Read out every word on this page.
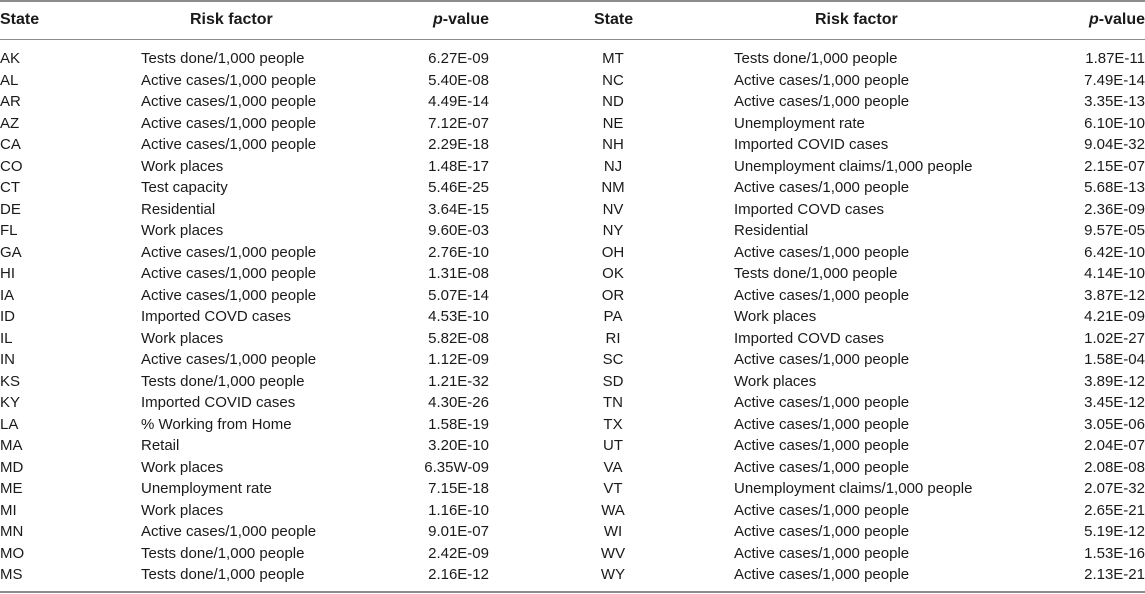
State	Risk factor	p -value	State	Risk factor	p -value
AK	Tests done/1,000 people	6.27E-09	MT	Tests done/1,000 people	1.87E-11
AL	Active cases/1,000 people	5.40E-08	NC	Active cases/1,000 people	7.49E-14
AR	Active cases/1,000 people	4.49E-14	ND	Active cases/1,000 people	3.35E-13
AZ	Active cases/1,000 people	7.12E-07	NE	Unemployment rate	6.10E-10
CA	Active cases/1,000 people	2.29E-18	NH	Imported COVID cases	9.04E-32
CO	Work places	1.48E-17	NJ	Unemployment claims/1,000 people	2.15E-07
CT	Test capacity	5.46E-25	NM	Active cases/1,000 people	5.68E-13
DE	Residential	3.64E-15	NV	Imported COVD cases	2.36E-09
FL	Work places	9.60E-03	NY	Residential	9.57E-05
GA	Active cases/1,000 people	2.76E-10	OH	Active cases/1,000 people	6.42E-10
HI	Active cases/1,000 people	1.31E-08	OK	Tests done/1,000 people	4.14E-10
IA	Active cases/1,000 people	5.07E-14	OR	Active cases/1,000 people	3.87E-12
ID	Imported COVD cases	4.53E-10	PA	Work places	4.21E-09
IL	Work places	5.82E-08	RI	Imported COVD cases	1.02E-27
IN	Active cases/1,000 people	1.12E-09	SC	Active cases/1,000 people	1.58E-04
KS	Tests done/1,000 people	1.21E-32	SD	Work places	3.89E-12
KY	Imported COVID cases	4.30E-26	TN	Active cases/1,000 people	3.45E-12
LA	% Working from Home	1.58E-19	TX	Active cases/1,000 people	3.05E-06
MA	Retail	3.20E-10	UT	Active cases/1,000 people	2.04E-07
MD	Work places	6.35W-09	VA	Active cases/1,000 people	2.08E-08
ME	Unemployment rate	7.15E-18	VT	Unemployment claims/1,000 people	2.07E-32
MI	Work places	1.16E-10	WA	Active cases/1,000 people	2.65E-21
MN	Active cases/1,000 people	9.01E-07	WI	Active cases/1,000 people	5.19E-12
MO	Tests done/1,000 people	2.42E-09	WV	Active cases/1,000 people	1.53E-16
MS	Tests done/1,000 people	2.16E-12	WY	Active cases/1,000 people	2.13E-21
